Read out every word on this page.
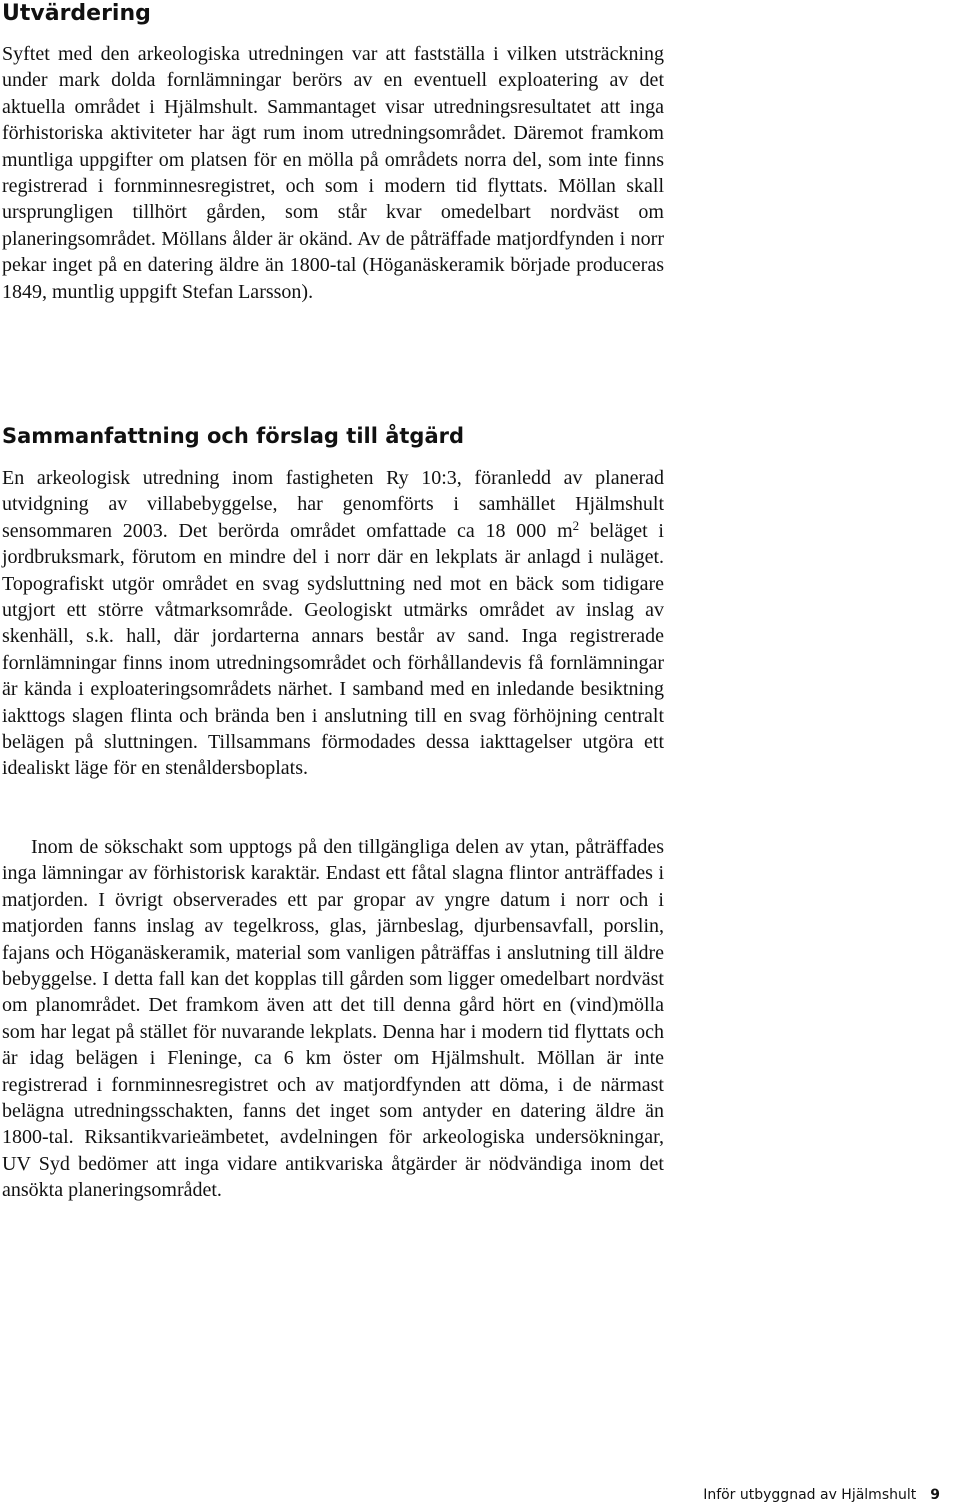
Utvärdering

Syftet med den arkeologiska utredningen var att fastställa i vilken utsträckning under mark dolda fornlämningar berörs av en eventuell exploatering av det aktuella området i Hjälmshult. Sammantaget visar utredningsresultatet att inga förhistoriska aktiviteter har ägt rum inom utredningsområdet. Däremot framkom muntliga uppgifter om platsen för en mölla på områdets norra del, som inte finns registrerad i fornminnesregistret, och som i modern tid flyttats. Möllan skall ursprungligen tillhört gården, som står kvar omedelbart nordväst om planeringsområdet. Möllans ålder är okänd. Av de påträffade matjordfynden i norr pekar inget på en datering äldre än 1800-tal (Höganäskeramik började produceras 1849, muntlig uppgift Stefan Larsson).

Sammanfattning och förslag till åtgärd

En arkeologisk utredning inom fastigheten Ry 10:3, föranledd av planerad utvidgning av villabebyggelse, har genomförts i samhället Hjälmshult sensommaren 2003. Det berörda området omfattade ca 18 000 $m^2$ beläget i jordbruksmark, förutom en mindre del i norr där en lekplats är anlagd i nuläget. Topografiskt utgör området en svag sydsluttning ned mot en bäck som tidigare utgjort ett större våtmarksområde. Geologiskt utmärks området av inslag av skenhäll, s.k. hall, där jordarterna annars består av sand. Inga registrerade fornlämningar finns inom utredningsområdet och förhållandevis få fornlämningar är kända i exploateringsområdets närhet. I samband med en inledande besiktning iakttogs slagen flinta och brända ben i anslutning till en svag förhöjning centralt belägen på sluttningen. Tillsammans förmodades dessa iakttagelser utgöra ett idealiskt läge för en stenåldersboplats.

Inom de sökschakt som upptogs på den tillgängliga delen av ytan, påträffades inga lämningar av förhistorisk karaktär. Endast ett fåtal slagna flintor anträffades i matjorden. I övrigt observerades ett par gropar av yngre datum i norr och i matjorden fanns inslag av tegelkross, glas, järnbeslag, djurbensavfall, porslin, fajans och Höganäskeramik, material som vanligen påträffas i anslutning till äldre bebyggelse. I detta fall kan det kopplas till gården som ligger omedelbart nordväst om planområdet. Det framkom även att det till denna gård hört en (vind)mölla som har legat på stället för nuvarande lekplats. Denna har i modern tid flyttats och är idag belägen i Fleninge, ca 6 km öster om Hjälmshult. Möllan är inte registrerad i fornminnesregistret och av matjordfynden att döma, i de närmast belägna utredningsschakten, fanns det inget som antyder en datering äldre än 1800-tal. Riksantikvarieämbetet, avdelningen för arkeologiska undersökningar, UV Syd bedömer att inga vidare antikvariska åtgärder är nödvändiga inom det ansökta planeringsområdet.

Inför utbyggnad av Hjälmshult 9
